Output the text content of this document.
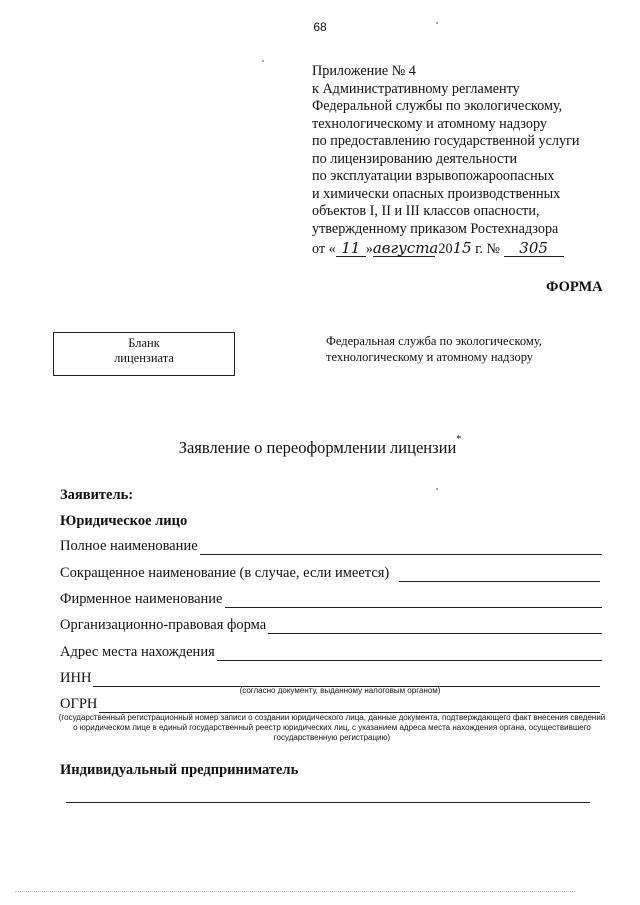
68
Приложение № 4
к Административному регламенту
Федеральной службы по экологическому,
технологическому и атомному надзору
по предоставлению государственной услуги
по лицензированию деятельности
по эксплуатации взрывопожароопасных
и химически опасных производственных
объектов I, II и III классов опасности,
утвержденному приказом Ростехнадзора
от « 11 »августа 2015 г. № 305
ФОРМА
Бланк
лицензиата
Федеральная служба по экологическому,
технологическому и атомному надзору
Заявление о переоформлении лицензии*
Заявитель:
Юридическое лицо
Полное наименование
Сокращенное наименование (в случае, если имеется)
Фирменное наименование
Организационно-правовая форма
Адрес места нахождения
ИНН
(согласно документу, выданному налоговым органом)
ОГРН
(государственный регистрационный номер записи о создании юридического лица, данные документа, подтверждающего факт внесения сведений
о юридическом лице в единый государственный реестр юридических лиц, с указанием адреса места нахождения органа, осуществившего
государственную регистрацию)
Индивидуальный предприниматель
